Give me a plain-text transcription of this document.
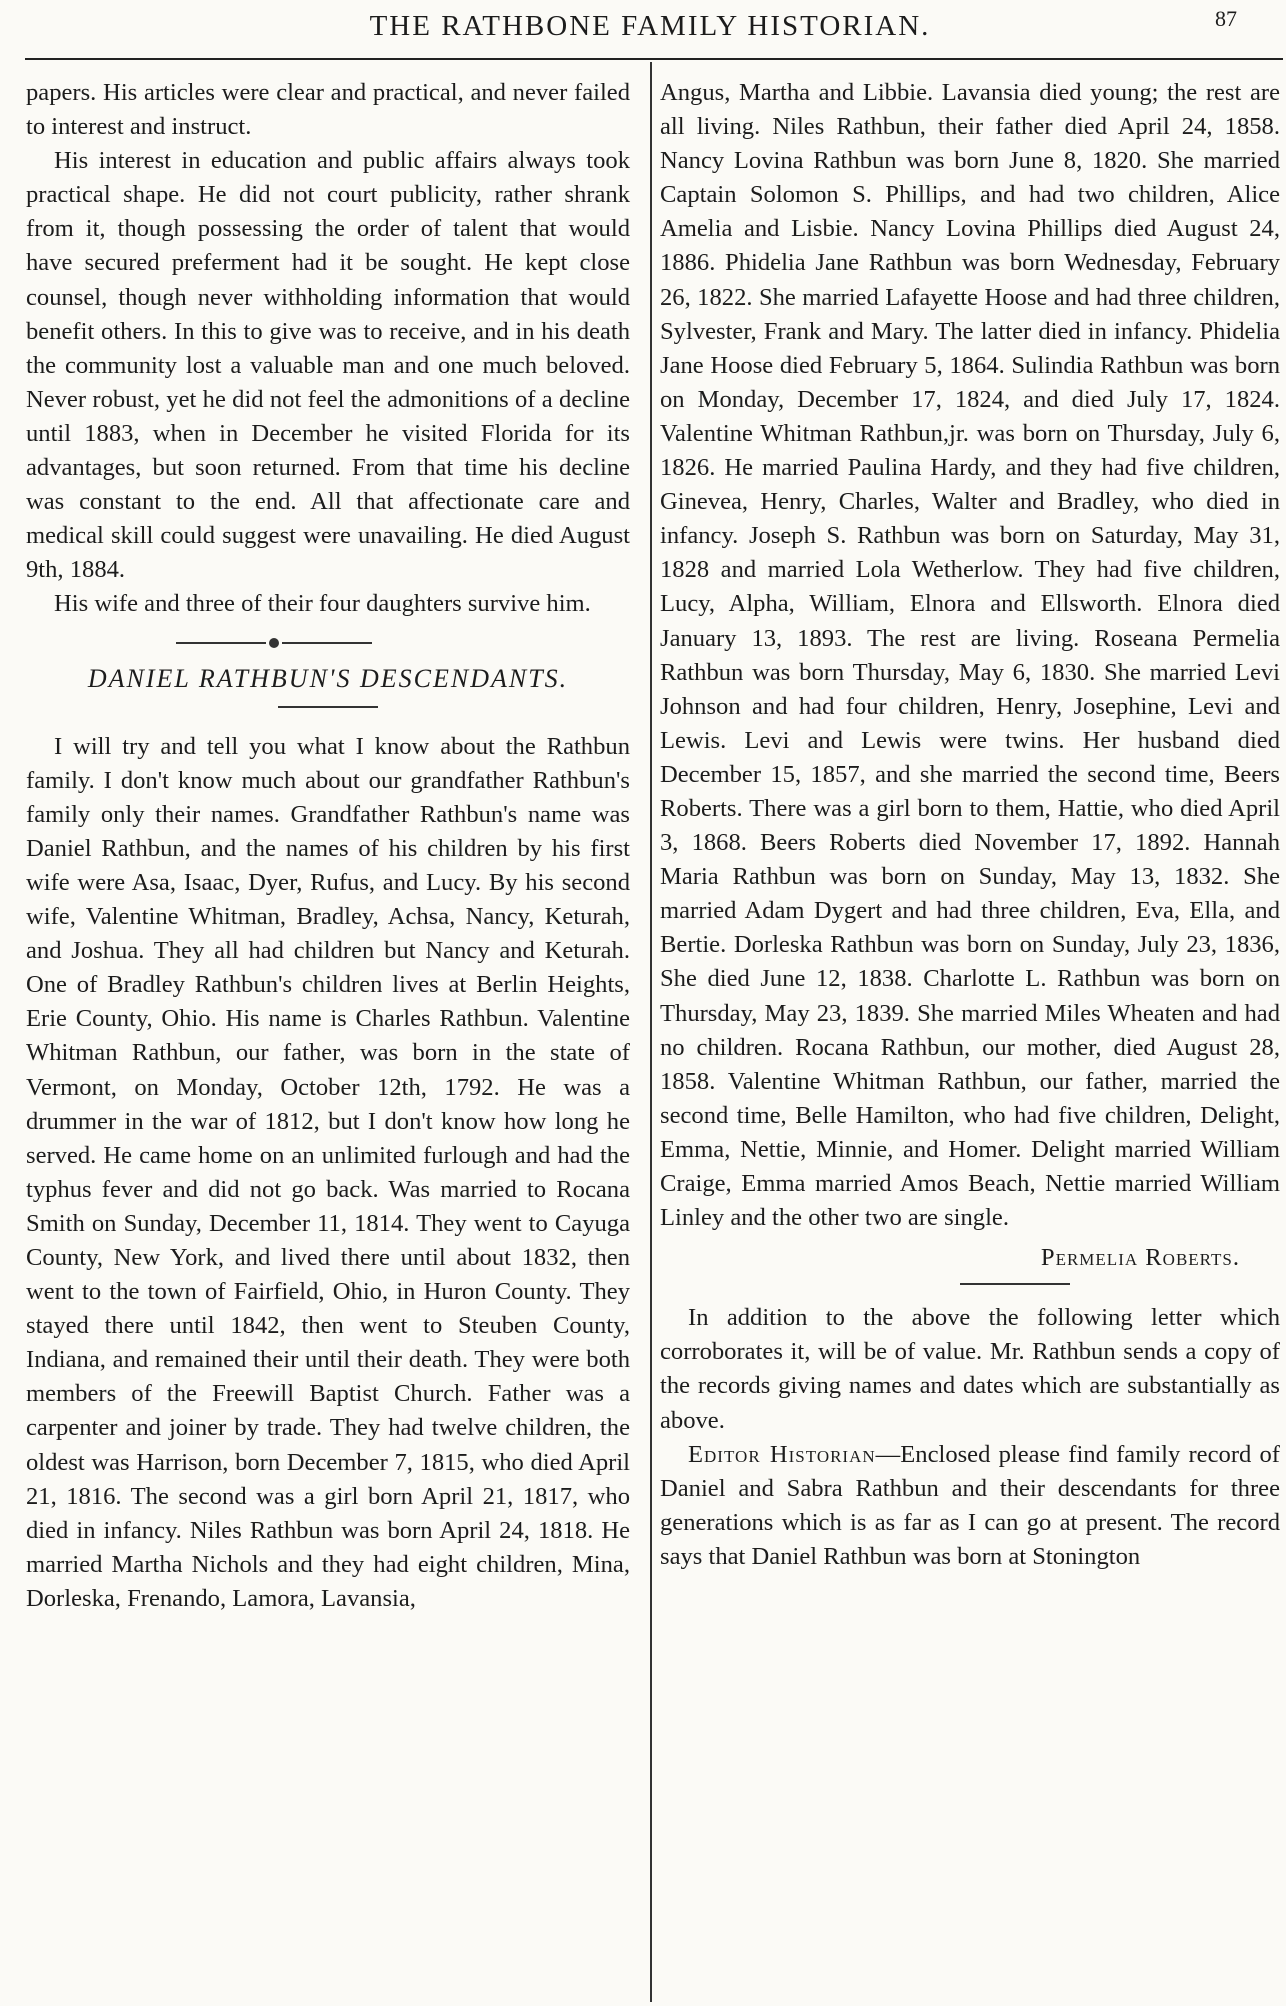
THE RATHBONE FAMILY HISTORIAN.	87

papers. His articles were clear and practical, and never failed to interest and instruct.

His interest in education and public affairs always took practical shape. He did not court publicity, rather shrank from it, though possessing the order of talent that would have secured preferment had it be sought. He kept close counsel, though never withholding information that would benefit others. In this to give was to receive, and in his death the community lost a valuable man and one much beloved. Never robust, yet he did not feel the admonitions of a decline until 1883, when in December he visited Florida for its advantages, but soon returned. From that time his decline was constant to the end. All that affectionate care and medical skill could suggest were unavailing. He died August 9th, 1884.

His wife and three of their four daughters survive him.

DANIEL RATHBUN'S DESCENDANTS.

I will try and tell you what I know about the Rathbun family. I don't know much about our grandfather Rathbun's family only their names. Grandfather Rathbun's name was Daniel Rathbun, and the names of his children by his first wife were Asa, Isaac, Dyer, Rufus, and Lucy. By his second wife, Valentine Whitman, Bradley, Achsa, Nancy, Keturah, and Joshua. They all had children but Nancy and Keturah. One of Bradley Rathbun's children lives at Berlin Heights, Erie County, Ohio. His name is Charles Rathbun. Valentine Whitman Rathbun, our father, was born in the state of Vermont, on Monday, October 12th, 1792. He was a drummer in the war of 1812, but I don't know how long he served. He came home on an unlimited furlough and had the typhus fever and did not go back. Was married to Rocana Smith on Sunday, December 11, 1814. They went to Cayuga County, New York, and lived there until about 1832, then went to the town of Fairfield, Ohio, in Huron County. They stayed there until 1842, then went to Steuben County, Indiana, and remained their until their death. They were both members of the Freewill Baptist Church. Father was a carpenter and joiner by trade. They had twelve children, the oldest was Harrison, born December 7, 1815, who died April 21, 1816. The second was a girl born April 21, 1817, who died in infancy. Niles Rathbun was born April 24, 1818. He married Martha Nichols and they had eight children, Mina, Dorleska, Frenando, Lamora, Lavansia,

Angus, Martha and Libbie. Lavansia died young; the rest are all living. Niles Rathbun, their father died April 24, 1858. Nancy Lovina Rathbun was born June 8, 1820. She married Captain Solomon S. Phillips, and had two children, Alice Amelia and Lisbie. Nancy Lovina Phillips died August 24, 1886. Phidelia Jane Rathbun was born Wednesday, February 26, 1822. She married Lafayette Hoose and had three children, Sylvester, Frank and Mary. The latter died in infancy. Phidelia Jane Hoose died February 5, 1864. Sulindia Rathbun was born on Monday, December 17, 1824, and died July 17, 1824. Valentine Whitman Rathbun,jr. was born on Thursday, July 6, 1826. He married Paulina Hardy, and they had five children, Ginevea, Henry, Charles, Walter and Bradley, who died in infancy. Joseph S. Rathbun was born on Saturday, May 31, 1828 and married Lola Wetherlow. They had five children, Lucy, Alpha, William, Elnora and Ellsworth. Elnora died January 13, 1893. The rest are living. Roseana Permelia Rathbun was born Thursday, May 6, 1830. She married Levi Johnson and had four children, Henry, Josephine, Levi and Lewis. Levi and Lewis were twins. Her husband died December 15, 1857, and she married the second time, Beers Roberts. There was a girl born to them, Hattie, who died April 3, 1868. Beers Roberts died November 17, 1892. Hannah Maria Rathbun was born on Sunday, May 13, 1832. She married Adam Dygert and had three children, Eva, Ella, and Bertie. Dorleska Rathbun was born on Sunday, July 23, 1836, She died June 12, 1838. Charlotte L. Rathbun was born on Thursday, May 23, 1839. She married Miles Wheaten and had no children. Rocana Rathbun, our mother, died August 28, 1858. Valentine Whitman Rathbun, our father, married the second time, Belle Hamilton, who had five children, Delight, Emma, Nettie, Minnie, and Homer. Delight married William Craige, Emma married Amos Beach, Nettie married William Linley and the other two are single.

Permelia Roberts.

In addition to the above the following letter which corroborates it, will be of value. Mr. Rathbun sends a copy of the records giving names and dates which are substantially as above.

Editor Historian—Enclosed please find family record of Daniel and Sabra Rathbun and their descendants for three generations which is as far as I can go at present. The record says that Daniel Rathbun was born at Stonington
